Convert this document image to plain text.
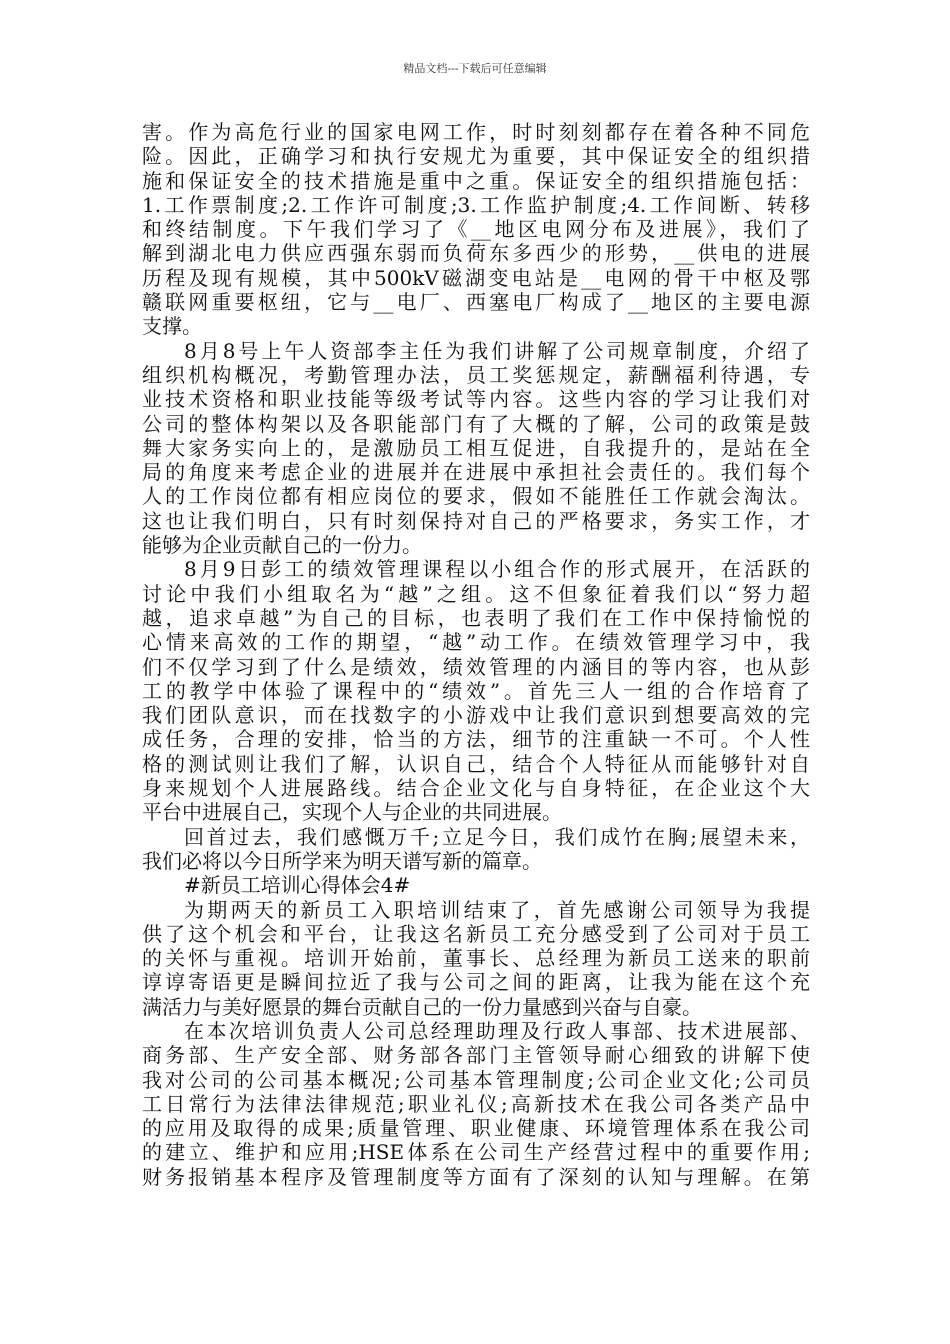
精品文档---下载后可任意编辑
害。作为高危行业的国家电网工作，时时刻刻都存在着各种不同危
险。因此，正确学习和执行安规尤为重要，其中保证安全的组织措
施和保证安全的技术措施是重中之重。保证安全的组织措施包括：
1.工作票制度;2.工作许可制度;3.工作监护制度;4.工作间断、转移
和终结制度。下午我们学习了《__地区电网分布及进展》，我们了
解到湖北电力供应西强东弱而负荷东多西少的形势，__供电的进展
历程及现有规模，其中500kV磁湖变电站是__电网的骨干中枢及鄂
赣联网重要枢纽，它与__电厂、西塞电厂构成了__地区的主要电源
支撑。
8月8号上午人资部李主任为我们讲解了公司规章制度，介绍了
组织机构概况，考勤管理办法，员工奖惩规定，薪酬福利待遇，专
业技术资格和职业技能等级考试等内容。这些内容的学习让我们对
公司的整体构架以及各职能部门有了大概的了解，公司的政策是鼓
舞大家务实向上的，是激励员工相互促进，自我提升的，是站在全
局的角度来考虑企业的进展并在进展中承担社会责任的。我们每个
人的工作岗位都有相应岗位的要求，假如不能胜任工作就会淘汰。
这也让我们明白，只有时刻保持对自己的严格要求，务实工作，才
能够为企业贡献自己的一份力。
8月9日彭工的绩效管理课程以小组合作的形式展开，在活跃的
讨论中我们小组取名为“越”之组。这不但象征着我们以“努力超
越，追求卓越”为自己的目标，也表明了我们在工作中保持愉悦的
心情来高效的工作的期望，“越”动工作。在绩效管理学习中，我
们不仅学习到了什么是绩效，绩效管理的内涵目的等内容，也从彭
工的教学中体验了课程中的“绩效”。首先三人一组的合作培育了
我们团队意识，而在找数字的小游戏中让我们意识到想要高效的完
成任务，合理的安排，恰当的方法，细节的注重缺一不可。个人性
格的测试则让我们了解，认识自己，结合个人特征从而能够针对自
身来规划个人进展路线。结合企业文化与自身特征，在企业这个大
平台中进展自己，实现个人与企业的共同进展。
回首过去，我们感慨万千;立足今日，我们成竹在胸;展望未来，
我们必将以今日所学来为明天谱写新的篇章。
#新员工培训心得体会4#
为期两天的新员工入职培训结束了，首先感谢公司领导为我提
供了这个机会和平台，让我这名新员工充分感受到了公司对于员工
的关怀与重视。培训开始前，董事长、总经理为新员工送来的职前
谆谆寄语更是瞬间拉近了我与公司之间的距离，让我为能在这个充
满活力与美好愿景的舞台贡献自己的一份力量感到兴奋与自豪。
在本次培训负责人公司总经理助理及行政人事部、技术进展部、
商务部、生产安全部、财务部各部门主管领导耐心细致的讲解下使
我对公司的公司基本概况;公司基本管理制度;公司企业文化;公司员
工日常行为法律法律规范;职业礼仪;高新技术在我公司各类产品中
的应用及取得的成果;质量管理、职业健康、环境管理体系在我公司
的建立、维护和应用;HSE体系在公司生产经营过程中的重要作用;
财务报销基本程序及管理制度等方面有了深刻的认知与理解。在第
